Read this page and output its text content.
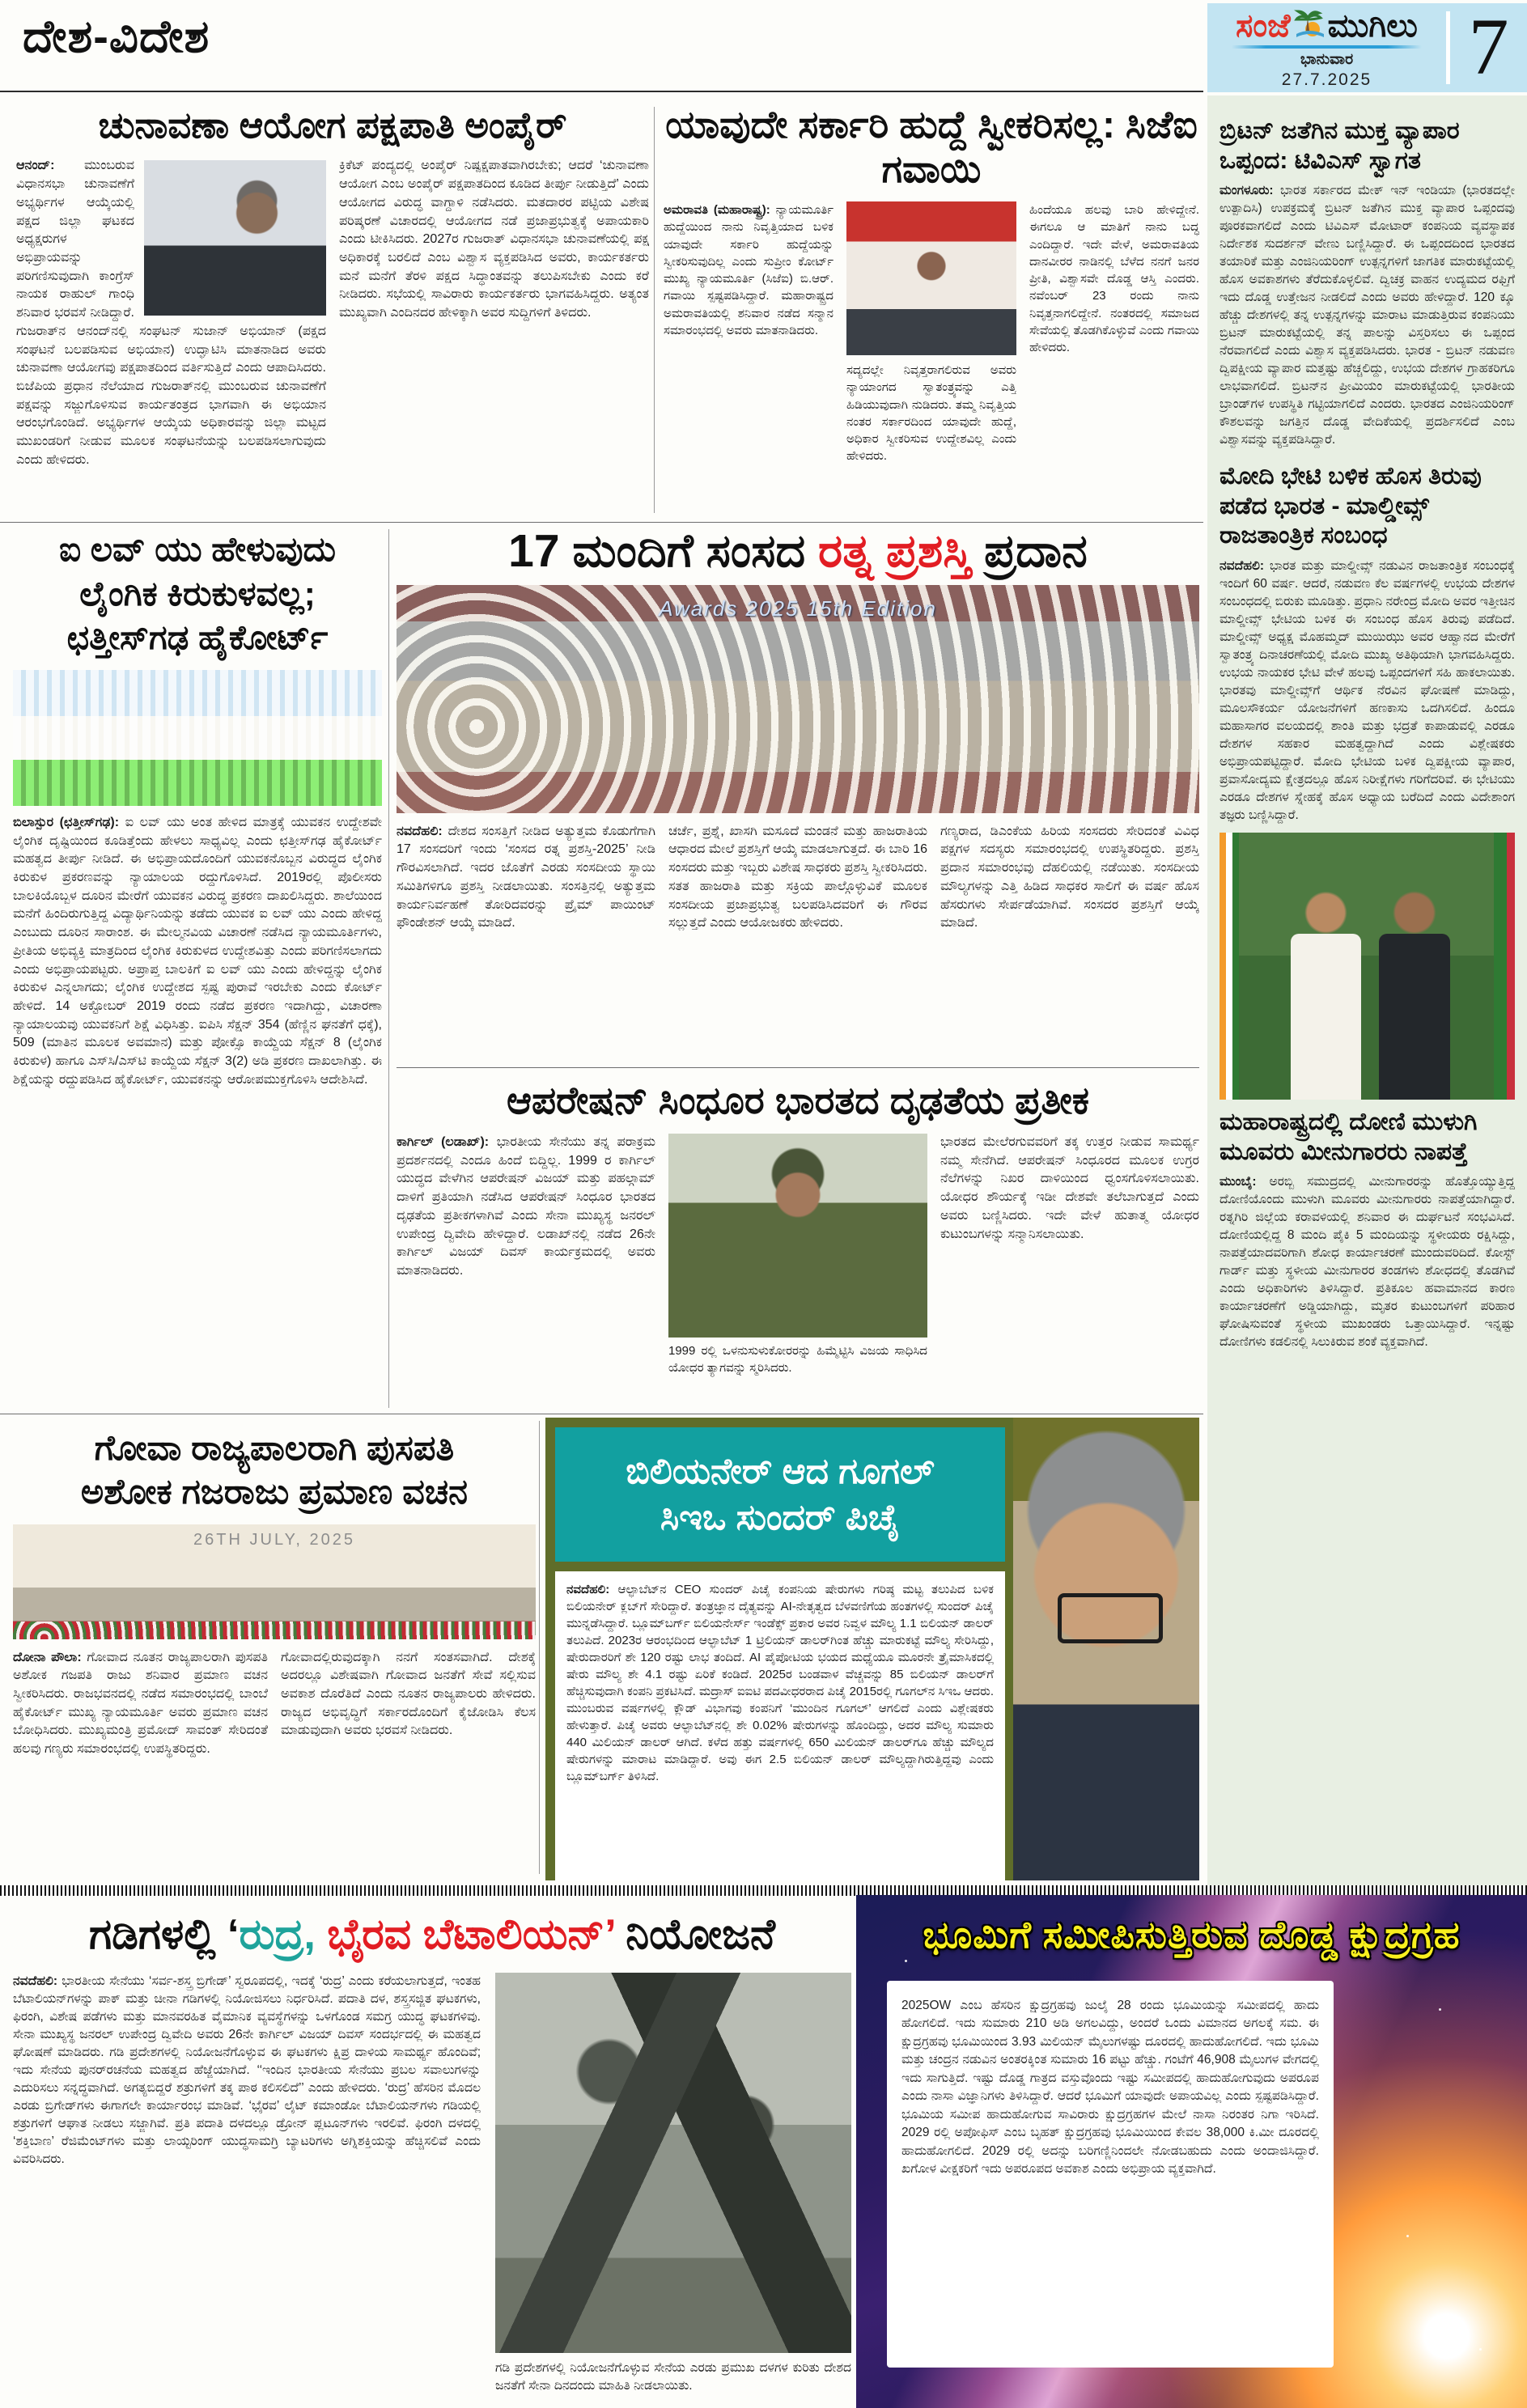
ದೇಶ-ವಿದೇಶ	ಸಂಜೆ ಮುಗಿಲು
ಭಾನುವಾರ
27.7.2025	7
ಚುನಾವಣಾ ಆಯೋಗ ಪಕ್ಷಪಾತಿ ಅಂಪೈರ್
ಆನಂದ್: ಮುಂಬರುವ ವಿಧಾನಸಭಾ ಚುನಾವಣೆಗೆ ಅಭ್ಯರ್ಥಿಗಳ ಆಯ್ಕೆಯಲ್ಲಿ ಪಕ್ಷದ ಜಿಲ್ಲಾ ಘಟಕದ ಅಧ್ಯಕ್ಷರುಗಳ ಅಭಿಪ್ರಾಯವನ್ನು ಪರಿಗಣಿಸುವುದಾಗಿ ಕಾಂಗ್ರೆಸ್ ನಾಯಕ ರಾಹುಲ್ ಗಾಂಧಿ ಶನಿವಾರ ಭರವಸೆ ನೀಡಿದ್ದಾರೆ. ಗುಜರಾತ್‌ನ ಆನಂದ್‌ನಲ್ಲಿ ಸಂಘಟನ್ ಸುಜಾನ್ ಅಭಿಯಾನ್ (ಪಕ್ಷದ ಸಂಘಟನೆ ಬಲಪಡಿಸುವ ಅಭಿಯಾನ) ಉದ್ಘಾಟಿಸಿ ಮಾತನಾಡಿದ ಅವರು ಚುನಾವಣಾ ಆಯೋಗವು ಪಕ್ಷಪಾತದಿಂದ ವರ್ತಿಸುತ್ತಿದೆ ಎಂದು ಆಪಾದಿಸಿದರು. ಬಿಜೆಪಿಯ ಪ್ರಧಾನ ನೆಲೆಯಾದ ಗುಜರಾತ್‌ನಲ್ಲಿ ಮುಂಬರುವ ಚುನಾವಣೆಗೆ ಪಕ್ಷವನ್ನು ಸಜ್ಜುಗೊಳಿಸುವ ಕಾರ್ಯತಂತ್ರದ ಭಾಗವಾಗಿ ಈ ಅಭಿಯಾನ ಆರಂಭಗೊಂಡಿದೆ. ಅಭ್ಯರ್ಥಿಗಳ ಆಯ್ಕೆಯ ಅಧಿಕಾರವನ್ನು ಜಿಲ್ಲಾ ಮಟ್ಟದ ಮುಖಂಡರಿಗೆ ನೀಡುವ ಮೂಲಕ ಸಂಘಟನೆಯನ್ನು ಬಲಪಡಿಸಲಾಗುವುದು ಎಂದು ಹೇಳಿದರು.
ಕ್ರಿಕೆಟ್ ಪಂದ್ಯದಲ್ಲಿ ಅಂಪೈರ್ ನಿಷ್ಪಕ್ಷಪಾತವಾಗಿರಬೇಕು; ಆದರೆ ‘ಚುನಾವಣಾ ಆಯೋಗ ಎಂಬ ಅಂಪೈರ್ ಪಕ್ಷಪಾತದಿಂದ ಕೂಡಿದ ತೀರ್ಪು ನೀಡುತ್ತಿದೆ’ ಎಂದು ಆಯೋಗದ ವಿರುದ್ಧ ವಾಗ್ದಾಳಿ ನಡೆಸಿದರು. ಮತದಾರರ ಪಟ್ಟಿಯ ವಿಶೇಷ ಪರಿಷ್ಕರಣೆ ವಿಚಾರದಲ್ಲಿ ಆಯೋಗದ ನಡೆ ಪ್ರಜಾಪ್ರಭುತ್ವಕ್ಕೆ ಅಪಾಯಕಾರಿ ಎಂದು ಟೀಕಿಸಿದರು. 2027ರ ಗುಜರಾತ್ ವಿಧಾನಸಭಾ ಚುನಾವಣೆಯಲ್ಲಿ ಪಕ್ಷ ಅಧಿಕಾರಕ್ಕೆ ಬರಲಿದೆ ಎಂಬ ವಿಶ್ವಾಸ ವ್ಯಕ್ತಪಡಿಸಿದ ಅವರು, ಕಾರ್ಯಕರ್ತರು ಮನೆ ಮನೆಗೆ ತೆರಳಿ ಪಕ್ಷದ ಸಿದ್ಧಾಂತವನ್ನು ತಲುಪಿಸಬೇಕು ಎಂದು ಕರೆ ನೀಡಿದರು. ಸಭೆಯಲ್ಲಿ ಸಾವಿರಾರು ಕಾರ್ಯಕರ್ತರು ಭಾಗವಹಿಸಿದ್ದರು. ಅತ್ಯಂತ ಮುಖ್ಯವಾಗಿ ಎಂದಿನದರ ಹೇಳಿಕ್ಕಾಗಿ ಅವರ ಸುದ್ದಿಗಳಿಗೆ ತಿಳಿದರು.
ಯಾವುದೇ ಸರ್ಕಾರಿ ಹುದ್ದೆ ಸ್ವೀಕರಿಸಲ್ಲ: ಸಿಜೆಐ ಗವಾಯಿ
ಅಮರಾವತಿ (ಮಹಾರಾಷ್ಟ್ರ): ನ್ಯಾಯಮೂರ್ತಿ ಹುದ್ದೆಯಿಂದ ನಾನು ನಿವೃತ್ತಿಯಾದ ಬಳಿಕ ಯಾವುದೇ ಸರ್ಕಾರಿ ಹುದ್ದೆಯನ್ನು ಸ್ವೀಕರಿಸುವುದಿಲ್ಲ ಎಂದು ಸುಪ್ರೀಂ ಕೋರ್ಟ್ ಮುಖ್ಯ ನ್ಯಾಯಮೂರ್ತಿ (ಸಿಜೆಐ) ಬಿ.ಆರ್. ಗವಾಯಿ ಸ್ಪಷ್ಟಪಡಿಸಿದ್ದಾರೆ. ಮಹಾರಾಷ್ಟ್ರದ ಅಮರಾವತಿಯಲ್ಲಿ ಶನಿವಾರ ನಡೆದ ಸನ್ಮಾನ ಸಮಾರಂಭದಲ್ಲಿ ಅವರು ಮಾತನಾಡಿದರು.
ಸದ್ಯದಲ್ಲೇ ನಿವೃತ್ತರಾಗಲಿರುವ ಅವರು ನ್ಯಾಯಾಂಗದ ಸ್ವಾತಂತ್ರ್ಯವನ್ನು ಎತ್ತಿ ಹಿಡಿಯುವುದಾಗಿ ನುಡಿದರು. ತಮ್ಮ ನಿವೃತ್ತಿಯ ನಂತರ ಸರ್ಕಾರದಿಂದ ಯಾವುದೇ ಹುದ್ದೆ, ಅಧಿಕಾರ ಸ್ವೀಕರಿಸುವ ಉದ್ದೇಶವಿಲ್ಲ ಎಂದು ಹೇಳಿದರು.
ಹಿಂದೆಯೂ ಹಲವು ಬಾರಿ ಹೇಳಿದ್ದೇನೆ. ಈಗಲೂ ಆ ಮಾತಿಗೆ ನಾನು ಬದ್ಧ ಎಂದಿದ್ದಾರೆ. ಇದೇ ವೇಳೆ, ಅಮರಾವತಿಯ ದಾನವೀರರ ನಾಡಿನಲ್ಲಿ ಬೆಳೆದ ನನಗೆ ಜನರ ಪ್ರೀತಿ, ವಿಶ್ವಾಸವೇ ದೊಡ್ಡ ಆಸ್ತಿ ಎಂದರು. ನವೆಂಬರ್ 23 ರಂದು ನಾನು ನಿವೃತ್ತನಾಗಲಿದ್ದೇನೆ. ನಂತರದಲ್ಲಿ ಸಮಾಜದ ಸೇವೆಯಲ್ಲಿ ತೊಡಗಿಕೊಳ್ಳುವೆ ಎಂದು ಗವಾಯಿ ಹೇಳಿದರು.
ಬ್ರಿಟನ್ ಜತೆಗಿನ ಮುಕ್ತ ವ್ಯಾಪಾರ ಒಪ್ಪಂದ: ಟಿವಿಎಸ್ ಸ್ವಾಗತ

ಮಂಗಳೂರು: ಭಾರತ ಸರ್ಕಾರದ ಮೇಕ್ ಇನ್ ಇಂಡಿಯಾ (ಭಾರತದಲ್ಲೇ ಉತ್ಪಾದಿಸಿ) ಉಪಕ್ರಮಕ್ಕೆ ಬ್ರಿಟನ್ ಜತೆಗಿನ ಮುಕ್ತ ವ್ಯಾಪಾರ ಒಪ್ಪಂದವು ಪೂರಕವಾಗಲಿದೆ ಎಂದು ಟಿವಿಎಸ್ ಮೋಟಾರ್ ಕಂಪನಿಯ ವ್ಯವಸ್ಥಾಪಕ ನಿರ್ದೇಶಕ ಸುದರ್ಶನ್ ವೇಣು ಬಣ್ಣಿಸಿದ್ದಾರೆ. ಈ ಒಪ್ಪಂದದಿಂದ ಭಾರತದ ತಯಾರಿಕೆ ಮತ್ತು ಎಂಜಿನಿಯರಿಂಗ್ ಉತ್ಪನ್ನಗಳಿಗೆ ಜಾಗತಿಕ ಮಾರುಕಟ್ಟೆಯಲ್ಲಿ ಹೊಸ ಅವಕಾಶಗಳು ತೆರೆದುಕೊಳ್ಳಲಿವೆ. ದ್ವಿಚಕ್ರ ವಾಹನ ಉದ್ಯಮದ ರಫ್ತಿಗೆ ಇದು ದೊಡ್ಡ ಉತ್ತೇಜನ ನೀಡಲಿದೆ ಎಂದು ಅವರು ಹೇಳಿದ್ದಾರೆ. 120 ಕ್ಕೂ ಹೆಚ್ಚು ದೇಶಗಳಲ್ಲಿ ತನ್ನ ಉತ್ಪನ್ನಗಳನ್ನು ಮಾರಾಟ ಮಾಡುತ್ತಿರುವ ಕಂಪನಿಯು ಬ್ರಿಟನ್ ಮಾರುಕಟ್ಟೆಯಲ್ಲಿ ತನ್ನ ಪಾಲನ್ನು ವಿಸ್ತರಿಸಲು ಈ ಒಪ್ಪಂದ ನೆರವಾಗಲಿದೆ ಎಂದು ವಿಶ್ವಾಸ ವ್ಯಕ್ತಪಡಿಸಿದರು. ಭಾರತ - ಬ್ರಿಟನ್ ನಡುವಣ ದ್ವಿಪಕ್ಷೀಯ ವ್ಯಾಪಾರ ಮತ್ತಷ್ಟು ಹೆಚ್ಚಲಿದ್ದು, ಉಭಯ ದೇಶಗಳ ಗ್ರಾಹಕರಿಗೂ ಲಾಭವಾಗಲಿದೆ. ಬ್ರಿಟನ್‌ನ ಪ್ರೀಮಿಯಂ ಮಾರುಕಟ್ಟೆಯಲ್ಲಿ ಭಾರತೀಯ ಬ್ರಾಂಡ್‌ಗಳ ಉಪಸ್ಥಿತಿ ಗಟ್ಟಿಯಾಗಲಿದೆ ಎಂದರು. ಭಾರತದ ಎಂಜಿನಿಯರಿಂಗ್ ಕೌಶಲವನ್ನು ಜಗತ್ತಿನ ದೊಡ್ಡ ವೇದಿಕೆಯಲ್ಲಿ ಪ್ರದರ್ಶಿಸಲಿದೆ ಎಂಬ ವಿಶ್ವಾಸವನ್ನು ವ್ಯಕ್ತಪಡಿಸಿದ್ದಾರೆ.

ಮೋದಿ ಭೇಟಿ ಬಳಿಕ ಹೊಸ ತಿರುವು ಪಡೆದ ಭಾರತ - ಮಾಲ್ಡೀವ್ಸ್ ರಾಜತಾಂತ್ರಿಕ ಸಂಬಂಧ

ನವದೆಹಲಿ: ಭಾರತ ಮತ್ತು ಮಾಲ್ಡೀವ್ಸ್ ನಡುವಿನ ರಾಜತಾಂತ್ರಿಕ ಸಂಬಂಧಕ್ಕೆ ಇಂದಿಗೆ 60 ವರ್ಷ. ಆದರೆ, ನಡುವಣ ಕೆಲ ವರ್ಷಗಳಲ್ಲಿ ಉಭಯ ದೇಶಗಳ ಸಂಬಂಧದಲ್ಲಿ ಬಿರುಕು ಮೂಡಿತ್ತು. ಪ್ರಧಾನಿ ನರೇಂದ್ರ ಮೋದಿ ಅವರ ಇತ್ತೀಚಿನ ಮಾಲ್ಡೀವ್ಸ್ ಭೇಟಿಯ ಬಳಿಕ ಈ ಸಂಬಂಧ ಹೊಸ ತಿರುವು ಪಡೆದಿದೆ. ಮಾಲ್ಡೀವ್ಸ್ ಅಧ್ಯಕ್ಷ ಮೊಹಮ್ಮದ್ ಮುಯಿಝು ಅವರ ಆಹ್ವಾನದ ಮೇರೆಗೆ ಸ್ವಾತಂತ್ರ್ಯ ದಿನಾಚರಣೆಯಲ್ಲಿ ಮೋದಿ ಮುಖ್ಯ ಅತಿಥಿಯಾಗಿ ಭಾಗವಹಿಸಿದ್ದರು. ಉಭಯ ನಾಯಕರ ಭೇಟಿ ವೇಳೆ ಹಲವು ಒಪ್ಪಂದಗಳಿಗೆ ಸಹಿ ಹಾಕಲಾಯಿತು. ಭಾರತವು ಮಾಲ್ಡೀವ್ಸ್‌ಗೆ ಆರ್ಥಿಕ ನೆರವಿನ ಘೋಷಣೆ ಮಾಡಿದ್ದು, ಮೂಲಸೌಕರ್ಯ ಯೋಜನೆಗಳಿಗೆ ಹಣಕಾಸು ಒದಗಿಸಲಿದೆ. ಹಿಂದೂ ಮಹಾಸಾಗರ ವಲಯದಲ್ಲಿ ಶಾಂತಿ ಮತ್ತು ಭದ್ರತೆ ಕಾಪಾಡುವಲ್ಲಿ ಎರಡೂ ದೇಶಗಳ ಸಹಕಾರ ಮಹತ್ವದ್ದಾಗಿದೆ ಎಂದು ವಿಶ್ಲೇಷಕರು ಅಭಿಪ್ರಾಯಪಟ್ಟಿದ್ದಾರೆ. ಮೋದಿ ಭೇಟಿಯ ಬಳಿಕ ದ್ವಿಪಕ್ಷೀಯ ವ್ಯಾಪಾರ, ಪ್ರವಾಸೋದ್ಯಮ ಕ್ಷೇತ್ರದಲ್ಲೂ ಹೊಸ ನಿರೀಕ್ಷೆಗಳು ಗರಿಗೆದರಿವೆ. ಈ ಭೇಟಿಯು ಎರಡೂ ದೇಶಗಳ ಸ್ನೇಹಕ್ಕೆ ಹೊಸ ಅಧ್ಯಾಯ ಬರೆದಿದೆ ಎಂದು ವಿದೇಶಾಂಗ ತಜ್ಞರು ಬಣ್ಣಿಸಿದ್ದಾರೆ.

ಮಹಾರಾಷ್ಟ್ರದಲ್ಲಿ ದೋಣಿ ಮುಳುಗಿ ಮೂವರು ಮೀನುಗಾರರು ನಾಪತ್ತೆ

ಮುಂಬೈ: ಅರಬ್ಬಿ ಸಮುದ್ರದಲ್ಲಿ ಮೀನುಗಾರರನ್ನು ಹೊತ್ತೊಯ್ಯುತ್ತಿದ್ದ ದೋಣಿಯೊಂದು ಮುಳುಗಿ ಮೂವರು ಮೀನುಗಾರರು ನಾಪತ್ತೆಯಾಗಿದ್ದಾರೆ. ರತ್ನಗಿರಿ ಜಿಲ್ಲೆಯ ಕರಾವಳಿಯಲ್ಲಿ ಶನಿವಾರ ಈ ದುರ್ಘಟನೆ ಸಂಭವಿಸಿದೆ. ದೋಣಿಯಲ್ಲಿದ್ದ 8 ಮಂದಿ ಪೈಕಿ 5 ಮಂದಿಯನ್ನು ಸ್ಥಳೀಯರು ರಕ್ಷಿಸಿದ್ದು, ನಾಪತ್ತೆಯಾದವರಿಗಾಗಿ ಶೋಧ ಕಾರ್ಯಾಚರಣೆ ಮುಂದುವರಿದಿದೆ. ಕೋಸ್ಟ್ ಗಾರ್ಡ್ ಮತ್ತು ಸ್ಥಳೀಯ ಮೀನುಗಾರರ ತಂಡಗಳು ಶೋಧದಲ್ಲಿ ತೊಡಗಿವೆ ಎಂದು ಅಧಿಕಾರಿಗಳು ತಿಳಿಸಿದ್ದಾರೆ. ಪ್ರತಿಕೂಲ ಹವಾಮಾನದ ಕಾರಣ ಕಾರ್ಯಾಚರಣೆಗೆ ಅಡ್ಡಿಯಾಗಿದ್ದು, ಮೃತರ ಕುಟುಂಬಗಳಿಗೆ ಪರಿಹಾರ ಘೋಷಿಸುವಂತೆ ಸ್ಥಳೀಯ ಮುಖಂಡರು ಒತ್ತಾಯಿಸಿದ್ದಾರೆ. ಇನ್ನಷ್ಟು ದೋಣಿಗಳು ಕಡಲಿನಲ್ಲಿ ಸಿಲುಕಿರುವ ಶಂಕೆ ವ್ಯಕ್ತವಾಗಿದೆ.

ಐ ಲವ್ ಯು ಹೇಳುವುದು
ಲೈಂಗಿಕ ಕಿರುಕುಳವಲ್ಲ;
ಛತ್ತೀಸ್‌ಗಢ ಹೈಕೋರ್ಟ್

ಬಿಲಾಸ್ಪುರ (ಛತ್ತೀಸ್‌ಗಢ): ಐ ಲವ್ ಯು ಅಂತ ಹೇಳಿದ ಮಾತ್ರಕ್ಕೆ ಯುವಕನ ಉದ್ದೇಶವೇ ಲೈಂಗಿಕ ದೃಷ್ಟಿಯಿಂದ ಕೂಡಿತ್ತೆಂದು ಹೇಳಲು ಸಾಧ್ಯವಿಲ್ಲ ಎಂದು ಛತ್ತೀಸ್‌ಗಢ ಹೈಕೋರ್ಟ್ ಮಹತ್ವದ ತೀರ್ಪು ನೀಡಿದೆ. ಈ ಅಭಿಪ್ರಾಯದೊಂದಿಗೆ ಯುವಕನೊಬ್ಬನ ವಿರುದ್ಧದ ಲೈಂಗಿಕ ಕಿರುಕುಳ ಪ್ರಕರಣವನ್ನು ನ್ಯಾಯಾಲಯ ರದ್ದುಗೊಳಿಸಿದೆ. 2019ರಲ್ಲಿ ಪೊಲೀಸರು ಬಾಲಕಿಯೊಬ್ಬಳ ದೂರಿನ ಮೇರೆಗೆ ಯುವಕನ ವಿರುದ್ಧ ಪ್ರಕರಣ ದಾಖಲಿಸಿದ್ದರು. ಶಾಲೆಯಿಂದ ಮನೆಗೆ ಹಿಂದಿರುಗುತ್ತಿದ್ದ ವಿದ್ಯಾರ್ಥಿನಿಯನ್ನು ತಡೆದು ಯುವಕ ಐ ಲವ್ ಯು ಎಂದು ಹೇಳಿದ್ದ ಎಂಬುದು ದೂರಿನ ಸಾರಾಂಶ. ಈ ಮೇಲ್ಮನವಿಯ ವಿಚಾರಣೆ ನಡೆಸಿದ ನ್ಯಾಯಮೂರ್ತಿಗಳು, ಪ್ರೀತಿಯ ಅಭಿವ್ಯಕ್ತಿ ಮಾತ್ರದಿಂದ ಲೈಂಗಿಕ ಕಿರುಕುಳದ ಉದ್ದೇಶವಿತ್ತು ಎಂದು ಪರಿಗಣಿಸಲಾಗದು ಎಂದು ಅಭಿಪ್ರಾಯಪಟ್ಟರು. ಅಪ್ರಾಪ್ತ ಬಾಲಕಿಗೆ ಐ ಲವ್ ಯು ಎಂದು ಹೇಳಿದ್ದನ್ನು ಲೈಂಗಿಕ ಕಿರುಕುಳ ಎನ್ನಲಾಗದು; ಲೈಂಗಿಕ ಉದ್ದೇಶದ ಸ್ಪಷ್ಟ ಪುರಾವೆ ಇರಬೇಕು ಎಂದು ಕೋರ್ಟ್ ಹೇಳಿದೆ. 14 ಅಕ್ಟೋಬರ್ 2019 ರಂದು ನಡೆದ ಪ್ರಕರಣ ಇದಾಗಿದ್ದು, ವಿಚಾರಣಾ ನ್ಯಾಯಾಲಯವು ಯುವಕನಿಗೆ ಶಿಕ್ಷೆ ವಿಧಿಸಿತ್ತು. ಐಪಿಸಿ ಸೆಕ್ಷನ್ 354 (ಹೆಣ್ಣಿನ ಘನತೆಗೆ ಧಕ್ಕೆ), 509 (ಮಾತಿನ ಮೂಲಕ ಅವಮಾನ) ಮತ್ತು ಪೋಕ್ಸೊ ಕಾಯ್ದೆಯ ಸೆಕ್ಷನ್ 8 (ಲೈಂಗಿಕ ಕಿರುಕುಳ) ಹಾಗೂ ಎಸ್‌ಸಿ/ಎಸ್‌ಟಿ ಕಾಯ್ದೆಯ ಸೆಕ್ಷನ್ 3(2) ಅಡಿ ಪ್ರಕರಣ ದಾಖಲಾಗಿತ್ತು. ಈ ಶಿಕ್ಷೆಯನ್ನು ರದ್ದುಪಡಿಸಿದ ಹೈಕೋರ್ಟ್, ಯುವಕನನ್ನು ಆರೋಪಮುಕ್ತಗೊಳಿಸಿ ಆದೇಶಿಸಿದೆ.

17 ಮಂದಿಗೆ ಸಂಸದ ರತ್ನ ಪ್ರಶಸ್ತಿ ಪ್ರದಾನ
Awards 2025 15th Edition
ನವದೆಹಲಿ: ದೇಶದ ಸಂಸತ್ತಿಗೆ ನೀಡಿದ ಅತ್ಯುತ್ತಮ ಕೊಡುಗೆಗಾಗಿ 17 ಸಂಸದರಿಗೆ ಇಂದು ‘ಸಂಸದ ರತ್ನ ಪ್ರಶಸ್ತಿ-2025’ ನೀಡಿ ಗೌರವಿಸಲಾಗಿದೆ. ಇದರ ಜೊತೆಗೆ ಎರಡು ಸಂಸದೀಯ ಸ್ಥಾಯಿ ಸಮಿತಿಗಳಿಗೂ ಪ್ರಶಸ್ತಿ ನೀಡಲಾಯಿತು. ಸಂಸತ್ತಿನಲ್ಲಿ ಅತ್ಯುತ್ತಮ ಕಾರ್ಯನಿರ್ವಹಣೆ ತೋರಿದವರನ್ನು ಪ್ರೈಮ್ ಪಾಯಿಂಟ್ ಫೌಂಡೇಶನ್ ಆಯ್ಕೆ ಮಾಡಿದೆ.
ಚರ್ಚೆ, ಪ್ರಶ್ನೆ, ಖಾಸಗಿ ಮಸೂದೆ ಮಂಡನೆ ಮತ್ತು ಹಾಜರಾತಿಯ ಆಧಾರದ ಮೇಲೆ ಪ್ರಶಸ್ತಿಗೆ ಆಯ್ಕೆ ಮಾಡಲಾಗುತ್ತದೆ. ಈ ಬಾರಿ 16 ಸಂಸದರು ಮತ್ತು ಇಬ್ಬರು ವಿಶೇಷ ಸಾಧಕರು ಪ್ರಶಸ್ತಿ ಸ್ವೀಕರಿಸಿದರು. ಸತತ ಹಾಜರಾತಿ ಮತ್ತು ಸಕ್ರಿಯ ಪಾಲ್ಗೊಳ್ಳುವಿಕೆ ಮೂಲಕ ಸಂಸದೀಯ ಪ್ರಜಾಪ್ರಭುತ್ವ ಬಲಪಡಿಸಿದವರಿಗೆ ಈ ಗೌರವ ಸಲ್ಲುತ್ತದೆ ಎಂದು ಆಯೋಜಕರು ಹೇಳಿದರು.
ಗಣ್ಯರಾದ, ಡಿಎಂಕೆಯ ಹಿರಿಯ ಸಂಸದರು ಸೇರಿದಂತೆ ವಿವಿಧ ಪಕ್ಷಗಳ ಸದಸ್ಯರು ಸಮಾರಂಭದಲ್ಲಿ ಉಪಸ್ಥಿತರಿದ್ದರು. ಪ್ರಶಸ್ತಿ ಪ್ರದಾನ ಸಮಾರಂಭವು ದೆಹಲಿಯಲ್ಲಿ ನಡೆಯಿತು. ಸಂಸದೀಯ ಮೌಲ್ಯಗಳನ್ನು ಎತ್ತಿ ಹಿಡಿದ ಸಾಧಕರ ಸಾಲಿಗೆ ಈ ವರ್ಷ ಹೊಸ ಹೆಸರುಗಳು ಸೇರ್ಪಡೆಯಾಗಿವೆ. ಸಂಸದರ ಪ್ರಶಸ್ತಿಗೆ ಆಯ್ಕೆ ಮಾಡಿದೆ.
ಆಪರೇಷನ್ ಸಿಂಧೂರ ಭಾರತದ ದೃಢತೆಯ ಪ್ರತೀಕ
ಕಾರ್ಗಿಲ್ (ಲಡಾಖ್): ಭಾರತೀಯ ಸೇನೆಯು ತನ್ನ ಪರಾಕ್ರಮ ಪ್ರದರ್ಶನದಲ್ಲಿ ಎಂದೂ ಹಿಂದೆ ಬಿದ್ದಿಲ್ಲ. 1999 ರ ಕಾರ್ಗಿಲ್ ಯುದ್ಧದ ವೇಳೆಗಿನ ಆಪರೇಷನ್ ವಿಜಯ್ ಮತ್ತು ಪಹಲ್ಗಾಮ್ ದಾಳಿಗೆ ಪ್ರತಿಯಾಗಿ ನಡೆಸಿದ ಆಪರೇಷನ್ ಸಿಂಧೂರ ಭಾರತದ ದೃಢತೆಯ ಪ್ರತೀಕಗಳಾಗಿವೆ ಎಂದು ಸೇನಾ ಮುಖ್ಯಸ್ಥ ಜನರಲ್ ಉಪೇಂದ್ರ ದ್ವಿವೇದಿ ಹೇಳಿದ್ದಾರೆ. ಲಡಾಖ್‌ನಲ್ಲಿ ನಡೆದ 26ನೇ ಕಾರ್ಗಿಲ್ ವಿಜಯ್ ದಿವಸ್ ಕಾರ್ಯಕ್ರಮದಲ್ಲಿ ಅವರು ಮಾತನಾಡಿದರು.
1999 ರಲ್ಲಿ ಒಳನುಸುಳುಕೋರರನ್ನು ಹಿಮ್ಮೆಟ್ಟಿಸಿ ವಿಜಯ ಸಾಧಿಸಿದ ಯೋಧರ ತ್ಯಾಗವನ್ನು ಸ್ಮರಿಸಿದರು.
ಭಾರತದ ಮೇಲೆರಗುವವರಿಗೆ ತಕ್ಕ ಉತ್ತರ ನೀಡುವ ಸಾಮರ್ಥ್ಯ ನಮ್ಮ ಸೇನೆಗಿದೆ. ಆಪರೇಷನ್ ಸಿಂಧೂರದ ಮೂಲಕ ಉಗ್ರರ ನೆಲೆಗಳನ್ನು ನಿಖರ ದಾಳಿಯಿಂದ ಧ್ವಂಸಗೊಳಿಸಲಾಯಿತು. ಯೋಧರ ಶೌರ್ಯಕ್ಕೆ ಇಡೀ ದೇಶವೇ ತಲೆಬಾಗುತ್ತದೆ ಎಂದು ಅವರು ಬಣ್ಣಿಸಿದರು. ಇದೇ ವೇಳೆ ಹುತಾತ್ಮ ಯೋಧರ ಕುಟುಂಬಗಳನ್ನು ಸನ್ಮಾನಿಸಲಾಯಿತು.
ಗೋವಾ ರಾಜ್ಯಪಾಲರಾಗಿ ಪುಸಪತಿ
ಅಶೋಕ ಗಜರಾಜು ಪ್ರಮಾಣ ವಚನ
26TH JULY, 2025
ದೋನಾ ಪೌಲಾ: ಗೋವಾದ ನೂತನ ರಾಜ್ಯಪಾಲರಾಗಿ ಪುಸಪತಿ ಅಶೋಕ ಗಜಪತಿ ರಾಜು ಶನಿವಾರ ಪ್ರಮಾಣ ವಚನ ಸ್ವೀಕರಿಸಿದರು. ರಾಜಭವನದಲ್ಲಿ ನಡೆದ ಸಮಾರಂಭದಲ್ಲಿ ಬಾಂಬೆ ಹೈಕೋರ್ಟ್ ಮುಖ್ಯ ನ್ಯಾಯಮೂರ್ತಿ ಅವರು ಪ್ರಮಾಣ ವಚನ ಬೋಧಿಸಿದರು. ಮುಖ್ಯಮಂತ್ರಿ ಪ್ರಮೋದ್ ಸಾವಂತ್ ಸೇರಿದಂತೆ ಹಲವು ಗಣ್ಯರು ಸಮಾರಂಭದಲ್ಲಿ ಉಪಸ್ಥಿತರಿದ್ದರು.
ಗೋವಾದಲ್ಲಿರುವುದಕ್ಕಾಗಿ ನನಗೆ ಸಂತಸವಾಗಿದೆ. ದೇಶಕ್ಕೆ ಅದರಲ್ಲೂ ವಿಶೇಷವಾಗಿ ಗೋವಾದ ಜನತೆಗೆ ಸೇವೆ ಸಲ್ಲಿಸುವ ಅವಕಾಶ ದೊರೆತಿದೆ ಎಂದು ನೂತನ ರಾಜ್ಯಪಾಲರು ಹೇಳಿದರು. ರಾಜ್ಯದ ಅಭಿವೃದ್ಧಿಗೆ ಸರ್ಕಾರದೊಂದಿಗೆ ಕೈಜೋಡಿಸಿ ಕೆಲಸ ಮಾಡುವುದಾಗಿ ಅವರು ಭರವಸೆ ನೀಡಿದರು.
ಬಿಲಿಯನೇರ್ ಆದ ಗೂಗಲ್
ಸಿಇಒ ಸುಂದರ್ ಪಿಚೈ
ನವದೆಹಲಿ: ಆಲ್ಫಾಬೆಟ್‌ನ CEO ಸುಂದರ್ ಪಿಚೈ ಕಂಪನಿಯ ಷೇರುಗಳು ಗರಿಷ್ಠ ಮಟ್ಟ ತಲುಪಿದ ಬಳಿಕ ಬಿಲಿಯನೇರ್ ಕ್ಲಬ್‌ಗೆ ಸೇರಿದ್ದಾರೆ. ತಂತ್ರಜ್ಞಾನ ದೈತ್ಯವನ್ನು AI-ನೇತೃತ್ವದ ಬೆಳವಣಿಗೆಯ ಹಂತಗಳಲ್ಲಿ ಸುಂದರ್ ಪಿಚೈ ಮುನ್ನಡೆಸಿದ್ದಾರೆ. ಬ್ಲೂಮ್‌ಬರ್ಗ್ ಬಿಲಿಯನೇರ್ಸ್ ಇಂಡೆಕ್ಸ್ ಪ್ರಕಾರ ಅವರ ನಿವ್ವಳ ಮೌಲ್ಯ 1.1 ಬಿಲಿಯನ್ ಡಾಲರ್ ತಲುಪಿದೆ. 2023ರ ಆರಂಭದಿಂದ ಆಲ್ಫಾಬೆಟ್ 1 ಟ್ರಿಲಿಯನ್ ಡಾಲರ್‌ಗಿಂತ ಹೆಚ್ಚು ಮಾರುಕಟ್ಟೆ ಮೌಲ್ಯ ಸೇರಿಸಿದ್ದು, ಷೇರುದಾರರಿಗೆ ಶೇ 120 ರಷ್ಟು ಲಾಭ ತಂದಿದೆ. AI ಪೈಪೋಟಿಯ ಭಯದ ಮಧ್ಯೆಯೂ ಮೂರನೇ ತ್ರೈಮಾಸಿಕದಲ್ಲಿ ಷೇರು ಮೌಲ್ಯ ಶೇ 4.1 ರಷ್ಟು ಏರಿಕೆ ಕಂಡಿದೆ. 2025ರ ಬಂಡವಾಳ ವೆಚ್ಚವನ್ನು 85 ಬಿಲಿಯನ್ ಡಾಲರ್‌ಗೆ ಹೆಚ್ಚಿಸುವುದಾಗಿ ಕಂಪನಿ ಪ್ರಕಟಿಸಿದೆ. ಮದ್ರಾಸ್ ಐಐಟಿ ಪದವೀಧರರಾದ ಪಿಚೈ 2015ರಲ್ಲಿ ಗೂಗಲ್‌ನ ಸಿಇಒ ಆದರು. ಮುಂಬರುವ ವರ್ಷಗಳಲ್ಲಿ ಕ್ಲೌಡ್ ವಿಭಾಗವು ಕಂಪನಿಗೆ ‘ಮುಂದಿನ ಗೂಗಲ್’ ಆಗಲಿದೆ ಎಂದು ವಿಶ್ಲೇಷಕರು ಹೇಳುತ್ತಾರೆ. ಪಿಚೈ ಅವರು ಆಲ್ಫಾಬೆಟ್‌ನಲ್ಲಿ ಶೇ 0.02% ಷೇರುಗಳನ್ನು ಹೊಂದಿದ್ದು, ಅದರ ಮೌಲ್ಯ ಸುಮಾರು 440 ಮಿಲಿಯನ್ ಡಾಲರ್ ಆಗಿದೆ. ಕಳೆದ ಹತ್ತು ವರ್ಷಗಳಲ್ಲಿ 650 ಮಿಲಿಯನ್ ಡಾಲರ್‌ಗೂ ಹೆಚ್ಚು ಮೌಲ್ಯದ ಷೇರುಗಳನ್ನು ಮಾರಾಟ ಮಾಡಿದ್ದಾರೆ. ಅವು ಈಗ 2.5 ಬಿಲಿಯನ್ ಡಾಲರ್ ಮೌಲ್ಯದ್ದಾಗಿರುತ್ತಿದ್ದವು ಎಂದು ಬ್ಲೂಮ್‌ಬರ್ಗ್ ತಿಳಿಸಿದೆ.
ಗಡಿಗಳಲ್ಲಿ ‘ರುದ್ರ, ಭೈರವ ಬೆಟಾಲಿಯನ್’ ನಿಯೋಜನೆ
ನವದೆಹಲಿ: ಭಾರತೀಯ ಸೇನೆಯು ‘ಸರ್ವ-ಶಸ್ತ್ರ ಬ್ರಿಗೇಡ್’ ಸ್ವರೂಪದಲ್ಲಿ, ಇದಕ್ಕೆ ‘ರುದ್ರ’ ಎಂದು ಕರೆಯಲಾಗುತ್ತದೆ, ಇಂತಹ ಬೆಟಾಲಿಯನ್‌ಗಳನ್ನು ಪಾಕ್ ಮತ್ತು ಚೀನಾ ಗಡಿಗಳಲ್ಲಿ ನಿಯೋಜಿಸಲು ನಿರ್ಧರಿಸಿದೆ. ಪದಾತಿ ದಳ, ಶಸ್ತ್ರಸಜ್ಜಿತ ಘಟಕಗಳು, ಫಿರಂಗಿ, ವಿಶೇಷ ಪಡೆಗಳು ಮತ್ತು ಮಾನವರಹಿತ ವೈಮಾನಿಕ ವ್ಯವಸ್ಥೆಗಳನ್ನು ಒಳಗೊಂಡ ಸಮಗ್ರ ಯುದ್ಧ ಘಟಕಗಳಿವು. ಸೇನಾ ಮುಖ್ಯಸ್ಥ ಜನರಲ್ ಉಪೇಂದ್ರ ದ್ವಿವೇದಿ ಅವರು 26ನೇ ಕಾರ್ಗಿಲ್ ವಿಜಯ್ ದಿವಸ್ ಸಂದರ್ಭದಲ್ಲಿ ಈ ಮಹತ್ವದ ಘೋಷಣೆ ಮಾಡಿದರು. ಗಡಿ ಪ್ರದೇಶಗಳಲ್ಲಿ ನಿಯೋಜನೆಗೊಳ್ಳುವ ಈ ಘಟಕಗಳು ಕ್ಷಿಪ್ರ ದಾಳಿಯ ಸಾಮರ್ಥ್ಯ ಹೊಂದಿವೆ; ಇದು ಸೇನೆಯ ಪುನರ್‌ರಚನೆಯ ಮಹತ್ವದ ಹೆಜ್ಜೆಯಾಗಿದೆ. ‘‘ಇಂದಿನ ಭಾರತೀಯ ಸೇನೆಯು ಪ್ರಬಲ ಸವಾಲುಗಳನ್ನು ಎದುರಿಸಲು ಸನ್ನದ್ಧವಾಗಿದೆ. ಅಗತ್ಯಬಿದ್ದರೆ ಶತ್ರುಗಳಿಗೆ ತಕ್ಕ ಪಾಠ ಕಲಿಸಲಿದೆ’’ ಎಂದು ಹೇಳಿದರು. ‘ರುದ್ರ’ ಹೆಸರಿನ ಮೊದಲ ಎರಡು ಬ್ರಿಗೇಡ್‌ಗಳು ಈಗಾಗಲೇ ಕಾರ್ಯಾರಂಭ ಮಾಡಿವೆ. ‘ಭೈರವ’ ಲೈಟ್ ಕಮಾಂಡೋ ಬೆಟಾಲಿಯನ್‌ಗಳು ಗಡಿಯಲ್ಲಿ ಶತ್ರುಗಳಿಗೆ ಆಘಾತ ನೀಡಲು ಸಜ್ಜಾಗಿವೆ. ಪ್ರತಿ ಪದಾತಿ ದಳದಲ್ಲೂ ಡ್ರೋನ್ ಪ್ಲಟೂನ್‌ಗಳು ಇರಲಿವೆ. ಫಿರಂಗಿ ದಳದಲ್ಲಿ ‘ಶಕ್ತಿಬಾಣ’ ರೆಜಿಮೆಂಟ್‌ಗಳು ಮತ್ತು ಲಾಯ್ಟರಿಂಗ್ ಯುದ್ಧಸಾಮಗ್ರಿ ಬ್ಯಾಟರಿಗಳು ಅಗ್ನಿಶಕ್ತಿಯನ್ನು ಹೆಚ್ಚಿಸಲಿವೆ ಎಂದು ವಿವರಿಸಿದರು.
ಗಡಿ ಪ್ರದೇಶಗಳಲ್ಲಿ ನಿಯೋಜನೆಗೊಳ್ಳುವ ಸೇನೆಯ ಎರಡು ಪ್ರಮುಖ ದಳಗಳ ಕುರಿತು ದೇಶದ ಜನತೆಗೆ ಸೇನಾ ದಿನದಂದು ಮಾಹಿತಿ ನೀಡಲಾಯಿತು.
ಭೂಮಿಗೆ ಸಮೀಪಿಸುತ್ತಿರುವ ದೊಡ್ಡ ಕ್ಷುದ್ರಗ್ರಹ
2025OW ಎಂಬ ಹೆಸರಿನ ಕ್ಷುದ್ರಗ್ರಹವು ಜುಲೈ 28 ರಂದು ಭೂಮಿಯನ್ನು ಸಮೀಪದಲ್ಲಿ ಹಾದು ಹೋಗಲಿದೆ. ಇದು ಸುಮಾರು 210 ಅಡಿ ಅಗಲವಿದ್ದು, ಅಂದರೆ ಒಂದು ವಿಮಾನದ ಅಗಲಕ್ಕೆ ಸಮ. ಈ ಕ್ಷುದ್ರಗ್ರಹವು ಭೂಮಿಯಿಂದ 3.93 ಮಿಲಿಯನ್ ಮೈಲುಗಳಷ್ಟು ದೂರದಲ್ಲಿ ಹಾದುಹೋಗಲಿದೆ. ಇದು ಭೂಮಿ ಮತ್ತು ಚಂದ್ರನ ನಡುವಿನ ಅಂತರಕ್ಕಿಂತ ಸುಮಾರು 16 ಪಟ್ಟು ಹೆಚ್ಚು. ಗಂಟೆಗೆ 46,908 ಮೈಲುಗಳ ವೇಗದಲ್ಲಿ ಇದು ಸಾಗುತ್ತಿದೆ. ಇಷ್ಟು ದೊಡ್ಡ ಗಾತ್ರದ ವಸ್ತುವೊಂದು ಇಷ್ಟು ಸಮೀಪದಲ್ಲಿ ಹಾದುಹೋಗುವುದು ಅಪರೂಪ ಎಂದು ನಾಸಾ ವಿಜ್ಞಾನಿಗಳು ತಿಳಿಸಿದ್ದಾರೆ. ಆದರೆ ಭೂಮಿಗೆ ಯಾವುದೇ ಅಪಾಯವಿಲ್ಲ ಎಂದು ಸ್ಪಷ್ಟಪಡಿಸಿದ್ದಾರೆ. ಭೂಮಿಯ ಸಮೀಪ ಹಾದುಹೋಗುವ ಸಾವಿರಾರು ಕ್ಷುದ್ರಗ್ರಹಗಳ ಮೇಲೆ ನಾಸಾ ನಿರಂತರ ನಿಗಾ ಇರಿಸಿದೆ. 2029 ರಲ್ಲಿ ಅಪೋಫಿಸ್ ಎಂಬ ಬೃಹತ್ ಕ್ಷುದ್ರಗ್ರಹವು ಭೂಮಿಯಿಂದ ಕೇವಲ 38,000 ಕಿ.ಮೀ ದೂರದಲ್ಲಿ ಹಾದುಹೋಗಲಿದೆ. 2029 ರಲ್ಲಿ ಅದನ್ನು ಬರಿಗಣ್ಣಿನಿಂದಲೇ ನೋಡಬಹುದು ಎಂದು ಅಂದಾಜಿಸಿದ್ದಾರೆ. ಖಗೋಳ ವೀಕ್ಷಕರಿಗೆ ಇದು ಅಪರೂಪದ ಅವಕಾಶ ಎಂದು ಅಭಿಪ್ರಾಯ ವ್ಯಕ್ತವಾಗಿದೆ.
